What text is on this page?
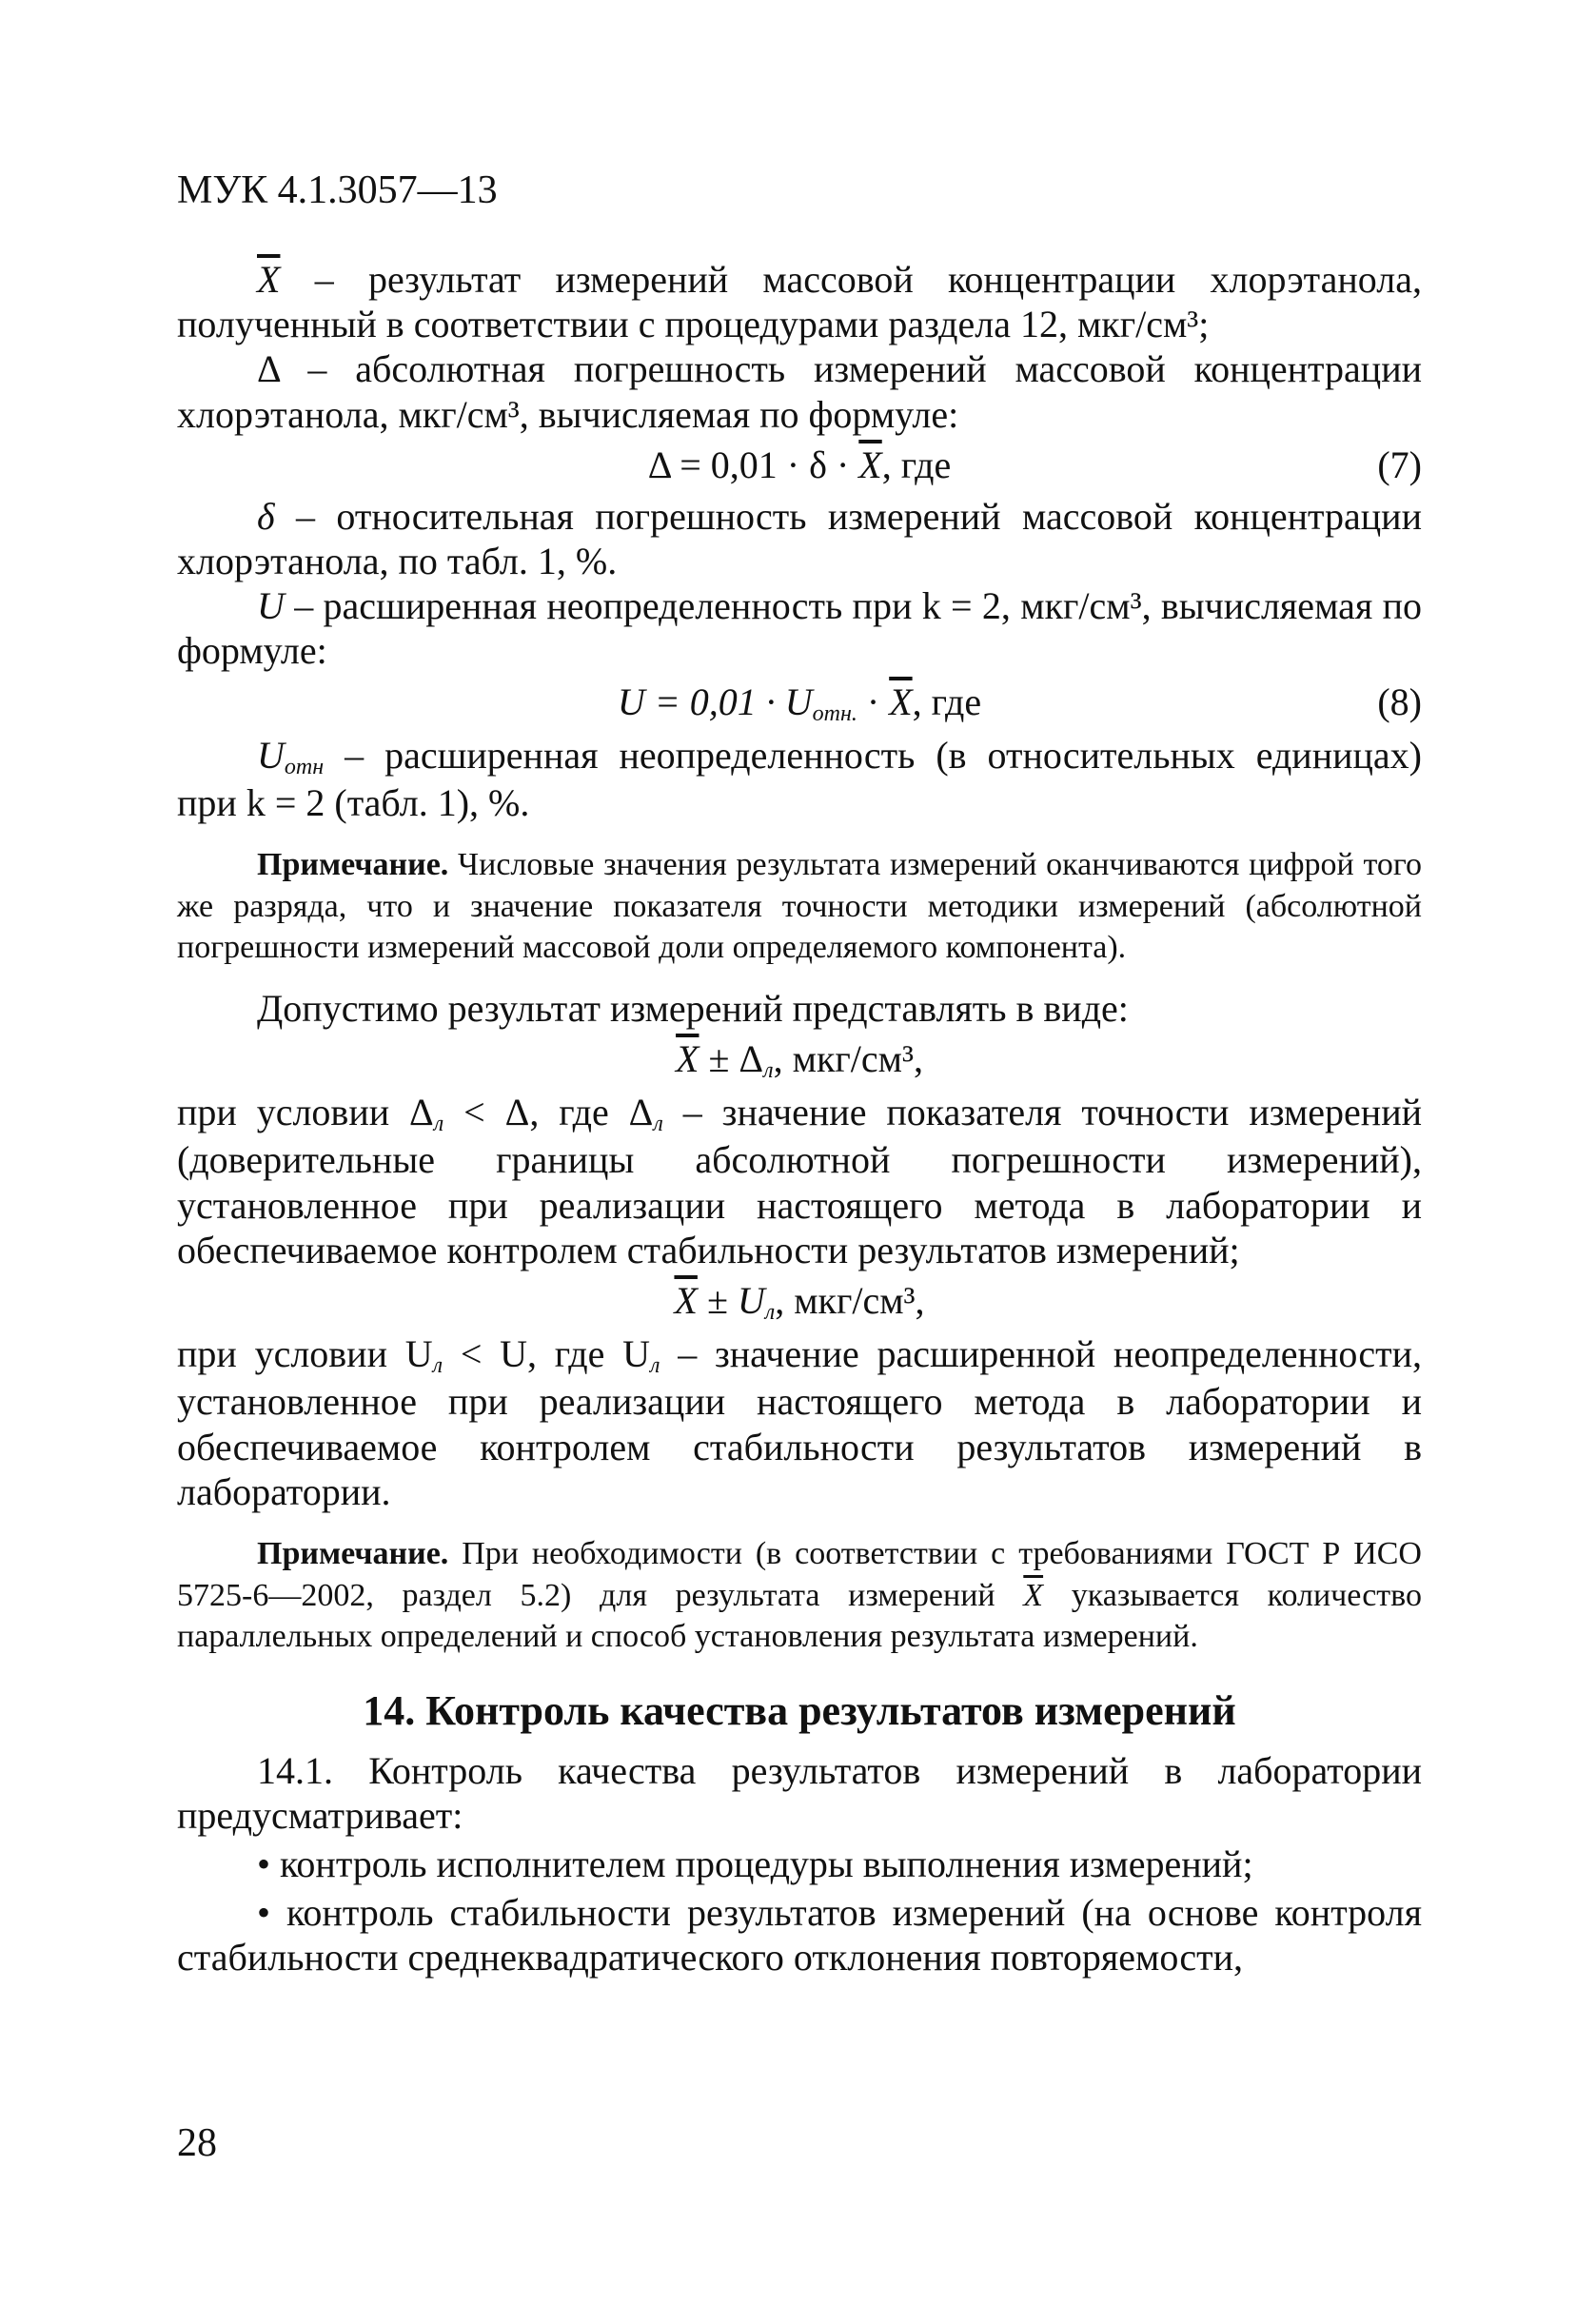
МУК 4.1.3057—13

$\overline{X}$ – результат измерений массовой концентрации хлорэтанола, полученный в соответствии с процедурами раздела 12, мкг/см³;

Δ – абсолютная погрешность измерений массовой концентрации хлорэтанола, мкг/см³, вычисляемая по формуле:

$\Delta = 0,01 \cdot \delta \cdot \overline{X}$, где	(7)

δ – относительная погрешность измерений массовой концентрации хлорэтанола, по табл. 1, %.

U – расширенная неопределенность при k = 2, мкг/см³, вычисляемая по формуле:

$U = 0,01 \cdot U_{отн.} \cdot \overline{X}$, где	(8)

$U_{отн}$ – расширенная неопределенность (в относительных единицах) при k = 2 (табл. 1), %.

Примечание. Числовые значения результата измерений оканчиваются цифрой того же разряда, что и значение показателя точности методики измерений (абсолютной погрешности измерений массовой доли определяемого компонента).

Допустимо результат измерений представлять в виде:

$\overline{X} \pm \Delta_л$, мкг/см³,

при условии $\Delta_л < \Delta$, где $\Delta_л$ – значение показателя точности измерений (доверительные границы абсолютной погрешности измерений), установленное при реализации настоящего метода в лаборатории и обеспечиваемое контролем стабильности результатов измерений;

$\overline{X} \pm U_л$, мкг/см³,

при условии $U_л < U$, где $U_л$ – значение расширенной неопределенности, установленное при реализации настоящего метода в лаборатории и обеспечиваемое контролем стабильности результатов измерений в лаборатории.

Примечание. При необходимости (в соответствии с требованиями ГОСТ Р ИСО 5725-6—2002, раздел 5.2) для результата измерений $\overline{X}$ указывается количество параллельных определений и способ установления результата измерений.

14. Контроль качества результатов измерений

14.1. Контроль качества результатов измерений в лаборатории предусматривает:

• контроль исполнителем процедуры выполнения измерений;

• контроль стабильности результатов измерений (на основе контроля стабильности среднеквадратического отклонения повторяемости,

28
